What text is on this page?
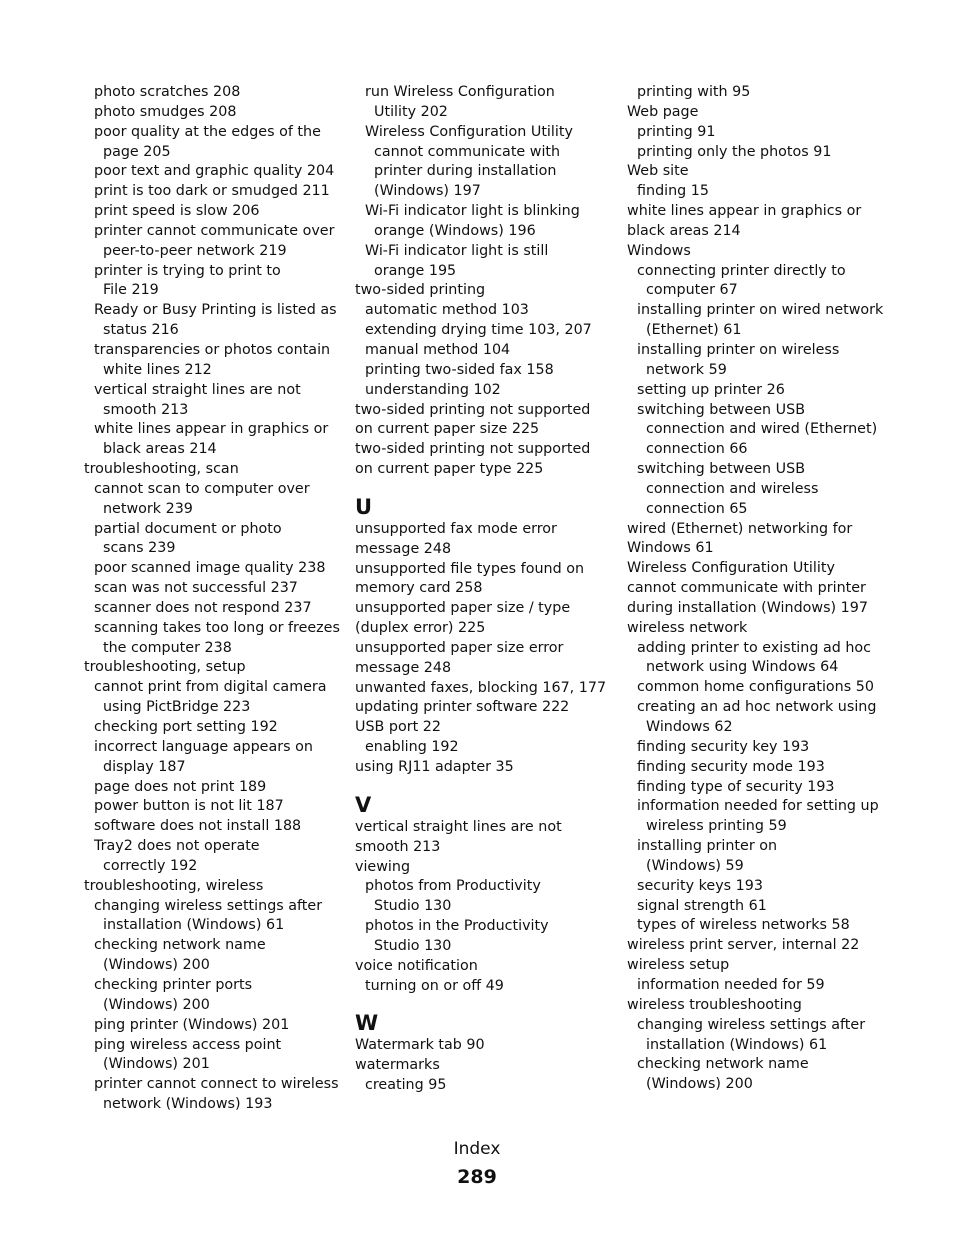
photo scratches 208
photo smudges 208
poor quality at the edges of the
page 205
poor text and graphic quality 204
print is too dark or smudged 211
print speed is slow 206
printer cannot communicate over
peer-to-peer network 219
printer is trying to print to
File 219
Ready or Busy Printing is listed as
status 216
transparencies or photos contain
white lines 212
vertical straight lines are not
smooth 213
white lines appear in graphics or
black areas 214
troubleshooting, scan
cannot scan to computer over
network 239
partial document or photo
scans 239
poor scanned image quality 238
scan was not successful 237
scanner does not respond 237
scanning takes too long or freezes
the computer 238
troubleshooting, setup
cannot print from digital camera
using PictBridge 223
checking port setting 192
incorrect language appears on
display 187
page does not print 189
power button is not lit 187
software does not install 188
Tray2 does not operate
correctly 192
troubleshooting, wireless
changing wireless settings after
installation (Windows) 61
checking network name
(Windows) 200
checking printer ports
(Windows) 200
ping printer (Windows) 201
ping wireless access point
(Windows) 201
printer cannot connect to wireless
network (Windows) 193
run Wireless Configuration
Utility 202
Wireless Configuration Utility
cannot communicate with
printer during installation
(Windows) 197
Wi-Fi indicator light is blinking
orange (Windows) 196
Wi-Fi indicator light is still
orange 195
two-sided printing
automatic method 103
extending drying time 103, 207
manual method 104
printing two-sided fax 158
understanding 102
two-sided printing not supported
on current paper size 225
two-sided printing not supported
on current paper type 225
U
unsupported fax mode error
message 248
unsupported file types found on
memory card 258
unsupported paper size / type
(duplex error) 225
unsupported paper size error
message 248
unwanted faxes, blocking 167, 177
updating printer software 222
USB port 22
enabling 192
using RJ11 adapter 35
V
vertical straight lines are not
smooth 213
viewing
photos from Productivity
Studio 130
photos in the Productivity
Studio 130
voice notification
turning on or off 49
W
Watermark tab 90
watermarks
creating 95
printing with 95
Web page
printing 91
printing only the photos 91
Web site
finding 15
white lines appear in graphics or
black areas 214
Windows
connecting printer directly to
computer 67
installing printer on wired network
(Ethernet) 61
installing printer on wireless
network 59
setting up printer 26
switching between USB
connection and wired (Ethernet)
connection 66
switching between USB
connection and wireless
connection 65
wired (Ethernet) networking for
Windows 61
Wireless Configuration Utility
cannot communicate with printer
during installation (Windows) 197
wireless network
adding printer to existing ad hoc
network using Windows 64
common home configurations 50
creating an ad hoc network using
Windows 62
finding security key 193
finding security mode 193
finding type of security 193
information needed for setting up
wireless printing 59
installing printer on
(Windows) 59
security keys 193
signal strength 61
types of wireless networks 58
wireless print server, internal 22
wireless setup
information needed for 59
wireless troubleshooting
changing wireless settings after
installation (Windows) 61
checking network name
(Windows) 200
Index
289
